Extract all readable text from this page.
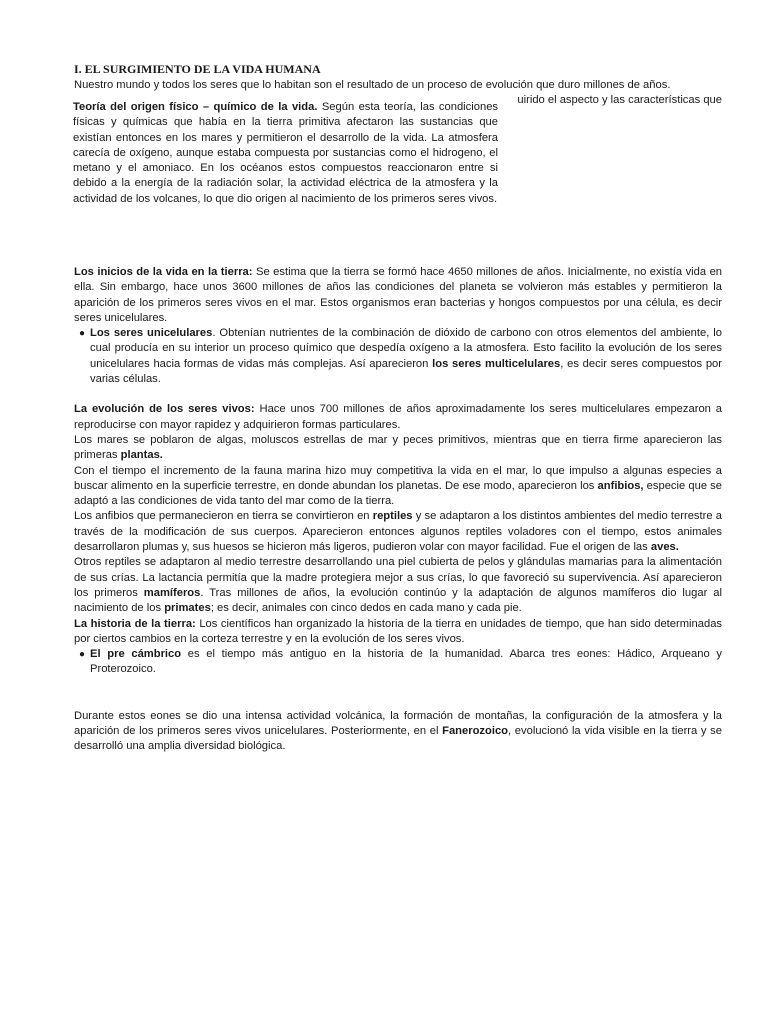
I. EL SURGIMIENTO DE LA VIDA HUMANA
Nuestro mundo y todos los seres que lo habitan son el resultado de un proceso de evolución que duro millones de años.
uirido el aspecto y las características que

Teoría del origen físico – químico de la vida. Según esta teoría, las condiciones físicas y químicas que había en la tierra primitiva afectaron las sustancias que existían entonces en los mares y permitieron el desarrollo de la vida. La atmosfera carecía de oxígeno, aunque estaba compuesta por sustancias como el hidrogeno, el metano y el amoniaco. En los océanos estos compuestos reaccionaron entre si debido a la energía de la radiación solar, la actividad eléctrica de la atmosfera y la actividad de los volcanes, lo que dio origen al nacimiento de los primeros seres vivos.

Los inicios de la vida en la tierra: Se estima que la tierra se formó hace 4650 millones de años. Inicialmente, no existía vida en ella. Sin embargo, hace unos 3600 millones de años las condiciones del planeta se volvieron más estables y permitieron la aparición de los primeros seres vivos en el mar. Estos organismos eran bacterias y hongos compuestos por una célula, es decir seres unicelulares.

● Los seres unicelulares. Obtenían nutrientes de la combinación de dióxido de carbono con otros elementos del ambiente, lo cual producía en su interior un proceso químico que despedía oxígeno a la atmosfera. Esto facilito la evolución de los seres unicelulares hacia formas de vidas más complejas. Así aparecieron los seres multicelulares, es decir seres compuestos por varias células.

La evolución de los seres vivos: Hace unos 700 millones de años aproximadamente los seres multicelulares empezaron a reproducirse con mayor rapidez y adquirieron formas particulares.

Los mares se poblaron de algas, moluscos estrellas de mar y peces primitivos, mientras que en tierra firme aparecieron las primeras plantas.

Con el tiempo el incremento de la fauna marina hizo muy competitiva la vida en el mar, lo que impulso a algunas especies a buscar alimento en la superficie terrestre, en donde abundan los planetas. De ese modo, aparecieron los anfibios, especie que se adaptó a las condiciones de vida tanto del mar como de la tierra.

Los anfibios que permanecieron en tierra se convirtieron en reptiles y se adaptaron a los distintos ambientes del medio terrestre a través de la modificación de sus cuerpos. Aparecieron entonces algunos reptiles voladores con el tiempo, estos animales desarrollaron plumas y, sus huesos se hicieron más ligeros, pudieron volar con mayor facilidad. Fue el origen de las aves.

Otros reptiles se adaptaron al medio terrestre desarrollando una piel cubierta de pelos y glándulas mamarias para la alimentación de sus crías. La lactancia permitía que la madre protegiera mejor a sus crías, lo que favoreció su supervivencia. Así aparecieron los primeros mamíferos. Tras millones de años, la evolución continúo y la adaptación de algunos mamíferos dio lugar al nacimiento de los primates; es decir, animales con cinco dedos en cada mano y cada pie.

La historia de la tierra: Los científicos han organizado la historia de la tierra en unidades de tiempo, que han sido determinadas por ciertos cambios en la corteza terrestre y en la evolución de los seres vivos.

● El pre cámbrico es el tiempo más antiguo en la historia de la humanidad. Abarca tres eones: Hádico, Arqueano y Proterozoico.

Durante estos eones se dio una intensa actividad volcánica, la formación de montañas, la configuración de la atmosfera y la aparición de los primeros seres vivos unicelulares. Posteriormente, en el Fanerozoico, evolucionó la vida visible en la tierra y se desarrolló una amplia diversidad biológica.
